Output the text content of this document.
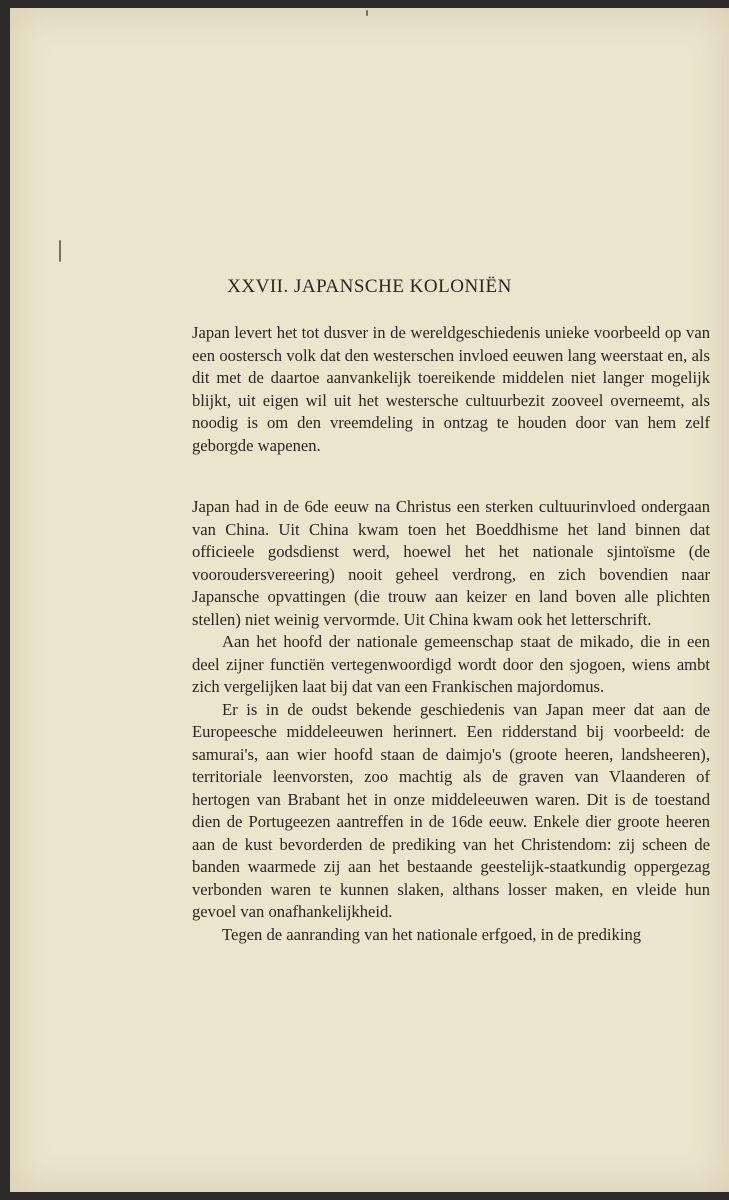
XXVII. JAPANSCHE KOLONIËN

Japan levert het tot dusver in de wereldgeschiedenis unieke voorbeeld op van een oostersch volk dat den westerschen invloed eeuwen lang weerstaat en, als dit met de daartoe aanvankelijk toereikende middelen niet langer mogelijk blijkt, uit eigen wil uit het westersche cultuurbezit zooveel overneemt, als noodig is om den vreemdeling in ontzag te houden door van hem zelf geborgde wapenen.

Japan had in de 6de eeuw na Christus een sterken cultuurinvloed ondergaan van China. Uit China kwam toen het Boeddhisme het land binnen dat officieele godsdienst werd, hoewel het het nationale sjintoïsme (de vooroudersvereering) nooit geheel verdrong, en zich bovendien naar Japansche opvattingen (die trouw aan keizer en land boven alle plichten stellen) niet weinig vervormde. Uit China kwam ook het letterschrift.

Aan het hoofd der nationale gemeenschap staat de mikado, die in een deel zijner functiën vertegenwoordigd wordt door den sjogoen, wiens ambt zich vergelijken laat bij dat van een Frankischen majordomus.

Er is in de oudst bekende geschiedenis van Japan meer dat aan de Europeesche middeleeuwen herinnert. Een ridderstand bij voorbeeld: de samurai's, aan wier hoofd staan de daimjo's (groote heeren, landsheeren), territoriale leenvorsten, zoo machtig als de graven van Vlaanderen of hertogen van Brabant het in onze middeleeuwen waren. Dit is de toestand dien de Portugeezen aantreffen in de 16de eeuw. Enkele dier groote heeren aan de kust bevorderden de prediking van het Christendom: zij scheen de banden waarmede zij aan het bestaande geestelijk-staatkundig oppergezag verbonden waren te kunnen slaken, althans losser maken, en vleide hun gevoel van onafhankelijkheid.

Tegen de aanranding van het nationale erfgoed, in de prediking
